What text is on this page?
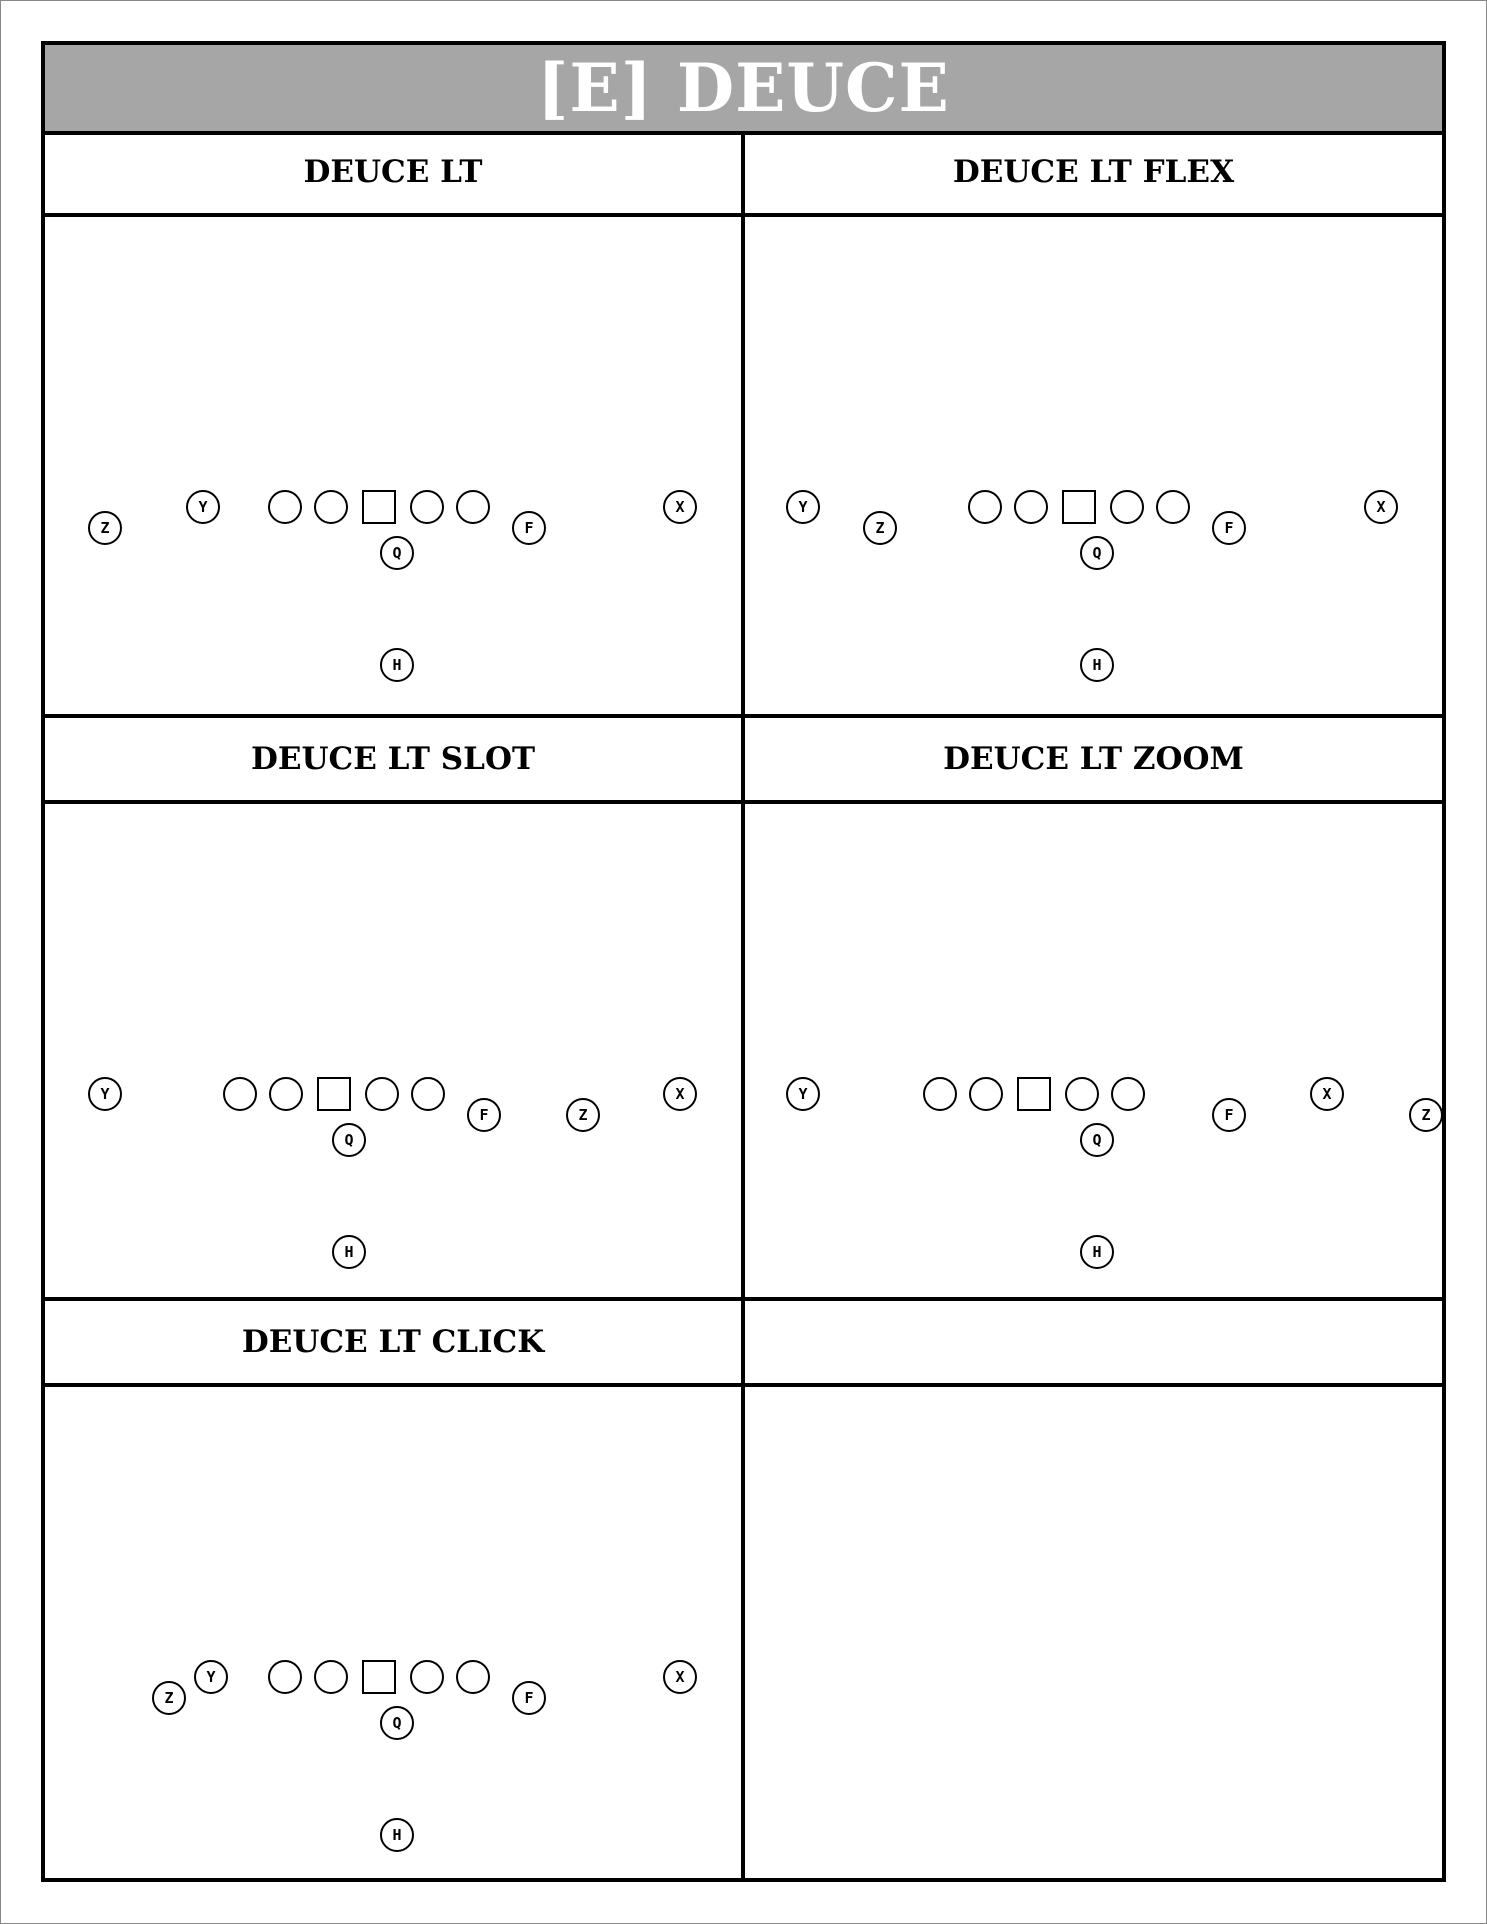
[E] DEUCE
DEUCE LT
Z
Y
F
Q
H
X
DEUCE LT FLEX
Y
Z	F
Q
H
X
DEUCE LT SLOT
Y
F	Z
Q
H
X
DEUCE LT ZOOM
Y
F
X
Z
Q
H
DEUCE LT CLICK
Z
Y
F
Q
H
X
